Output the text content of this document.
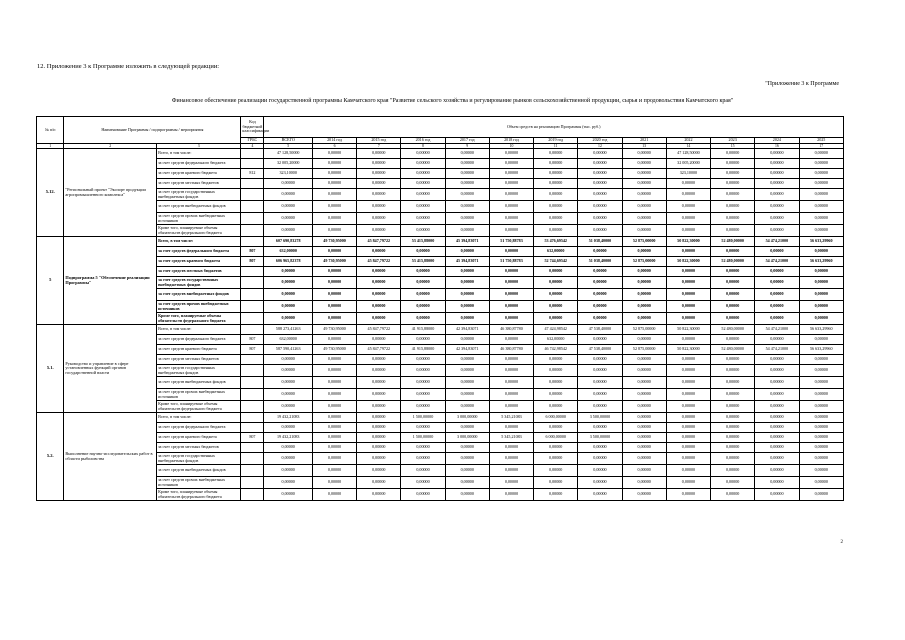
12. Приложение 3 к Программе изложить в следующей редакции:
"Приложение 3 к Программе
Финансовое обеспечение реализации государственной программы Камчатского края "Развитие сельского хозяйства и регулирование рынков сельскохозяйственной продукции, сырья и продовольствия Камчатского края"
№ п/п	Наименование Программы / подпрограммы / мероприятия		Код бюджетной классификации	Объем средств на реализацию Программы (тыс. руб.)												
			ГРБС	ВСЕГО	2014 год	2015 год	2016 год	2017 год	2018 год	2019 год	2020 год	2021	2022	2023	2024	2025
1	2	3	4	5	6	7	8	9	10	11	12	13	14	15	16	17
5.12.	"Региональный проект "Экспорт продукции агропромышленного комплекса"	Всего, в том числе:		47 128,50000	0,00000	0,00000	0,00000	0,00000	0,00000	0,00000	0,00000	0,00000	47 128,50000	0,00000	0,00000	0,00000
		за счет средств федерального бюджета		32 005,20000	0,00000	0,00000	0,00000	0,00000	0,00000	0,00000	0,00000	0,00000	32 005,20000	0,00000	0,00000	0,00000
		за счет средств краевого бюджета	812	323,10000	0,00000	0,00000	0,00000	0,00000	0,00000	0,00000	0,00000	0,00000	323,10000	0,00000	0,00000	0,00000
		за счет средств местных бюджетов		0,00000	0,00000	0,00000	0,00000	0,00000	0,00000	0,00000	0,00000	0,00000	0,00000	0,00000	0,00000	0,00000
		за счет средств государственных внебюджетных фондов		0,00000	0,00000	0,00000	0,00000	0,00000	0,00000	0,00000	0,00000	0,00000	0,00000	0,00000	0,00000	0,00000
		за счет средств внебюджетных фондов		0,00000	0,00000	0,00000	0,00000	0,00000	0,00000	0,00000	0,00000	0,00000	0,00000	0,00000	0,00000	0,00000
		за счет средств прочих внебюджетных источников		0,00000	0,00000	0,00000	0,00000	0,00000	0,00000	0,00000	0,00000	0,00000	0,00000	0,00000	0,00000	0,00000
		Кроме того, планируемые объемы обязательств федерального бюджета		0,00000	0,00000	0,00000	0,00000	0,00000	0,00000	0,00000	0,00000	0,00000	0,00000	0,00000	0,00000	0,00000
5	Подпрограмма 5 "Обеспечение реализации Программы"	Всего, в том числе:		607 690,83278	49 730,95000	45 847,79722	53 415,88000	45 394,83071	51 750,88783	53 476,69542	51 038,40000	52 875,00000	50 822,30000	52 480,00000	54 474,21000	56 633,29960
		за счет средств федерального бюджета	807	632,00000	0,00000	0,00000	0,00000	0,00000	0,00000	632,00000	0,00000	0,00000	0,00000	0,00000	0,00000	0,00000
		за счет средств краевого бюджета	807	606 965,82378	49 730,95000	45 847,79722	53 415,88000	45 394,83071	51 750,88783	52 744,69542	51 038,40000	52 875,00000	50 822,30000	52 480,00000	54 474,21000	56 633,29960
		за счет средств местных бюджетов		0,00000	0,00000	0,00000	0,00000	0,00000	0,00000	0,00000	0,00000	0,00000	0,00000	0,00000	0,00000	0,00000
		за счет средств государственных внебюджетных фондов		0,00000	0,00000	0,00000	0,00000	0,00000	0,00000	0,00000	0,00000	0,00000	0,00000	0,00000	0,00000	0,00000
		за счет средств внебюджетных фондов		0,00000	0,00000	0,00000	0,00000	0,00000	0,00000	0,00000	0,00000	0,00000	0,00000	0,00000	0,00000	0,00000
		за счет средств прочих внебюджетных источников		0,00000	0,00000	0,00000	0,00000	0,00000	0,00000	0,00000	0,00000	0,00000	0,00000	0,00000	0,00000	0,00000
		Кроме того, планируемые объемы обязательств федерального бюджета		0,00000	0,00000	0,00000	0,00000	0,00000	0,00000	0,00000	0,00000	0,00000	0,00000	0,00000	0,00000	0,00000
5.1.	Руководство и управление в сфере установленных функций органов государственной власти	Всего, в том числе:		588 273,41263	49 730,95000	45 847,79722	41 915,88000	42 394,83071	46 380,87780	47 424,98542	47 538,40000	52 875,00000	50 822,30000	52 480,00000	54 474,21000	56 633,29960
		за счет средств федерального бюджета	807	632,00000	0,00000	0,00000	0,00000	0,00000	0,00000	632,00000	0,00000	0,00000	0,00000	0,00000	0,00000	0,00000
		за счет средств краевого бюджета	807	587 590,41263	49 730,95000	45 847,79722	41 915,88000	42 394,83071	46 380,87780	46 742,98542	47 538,40000	52 875,00000	50 822,30000	52 480,00000	54 474,21000	56 633,29960
		за счет средств местных бюджетов		0,00000	0,00000	0,00000	0,00000	0,00000	0,00000	0,00000	0,00000	0,00000	0,00000	0,00000	0,00000	0,00000
		за счет средств государственных внебюджетных фондов		0,00000	0,00000	0,00000	0,00000	0,00000	0,00000	0,00000	0,00000	0,00000	0,00000	0,00000	0,00000	0,00000
		за счет средств внебюджетных фондов		0,00000	0,00000	0,00000	0,00000	0,00000	0,00000	0,00000	0,00000	0,00000	0,00000	0,00000	0,00000	0,00000
		за счет средств прочих внебюджетных источников		0,00000	0,00000	0,00000	0,00000	0,00000	0,00000	0,00000	0,00000	0,00000	0,00000	0,00000	0,00000	0,00000
		Кроме того, планируемые объемы обязательств федерального бюджета		0,00000	0,00000	0,00000	0,00000	0,00000	0,00000	0,00000	0,00000	0,00000	0,00000	0,00000	0,00000	0,00000
5.2.	Выполнение научно-исследовательских работ в области рыболовства	Всего, в том числе:		19 432,21083	0,00000	0,00000	1 500,00000	3 000,00000	5 345,21083	6 000,00000	3 500,00000	0,00000	0,00000	0,00000	0,00000	0,00000
		за счет средств федерального бюджета		0,00000	0,00000	0,00000	0,00000	0,00000	0,00000	0,00000	0,00000	0,00000	0,00000	0,00000	0,00000	0,00000
		за счет средств краевого бюджета	807	19 432,21083	0,00000	0,00000	1 500,00000	3 000,00000	5 345,21083	6 000,00000	3 500,00000	0,00000	0,00000	0,00000	0,00000	0,00000
		за счет средств местных бюджетов		0,00000	0,00000	0,00000	0,00000	0,00000	0,00000	0,00000	0,00000	0,00000	0,00000	0,00000	0,00000	0,00000
		за счет средств государственных внебюджетных фондов		0,00000	0,00000	0,00000	0,00000	0,00000	0,00000	0,00000	0,00000	0,00000	0,00000	0,00000	0,00000	0,00000
		за счет средств внебюджетных фондов		0,00000	0,00000	0,00000	0,00000	0,00000	0,00000	0,00000	0,00000	0,00000	0,00000	0,00000	0,00000	0,00000
		за счет средств прочих внебюджетных источников		0,00000	0,00000	0,00000	0,00000	0,00000	0,00000	0,00000	0,00000	0,00000	0,00000	0,00000	0,00000	0,00000
		Кроме того, планируемые объемы обязательств федерального бюджета		0,00000	0,00000	0,00000	0,00000	0,00000	0,00000	0,00000	0,00000	0,00000	0,00000	0,00000	0,00000	0,00000
2
